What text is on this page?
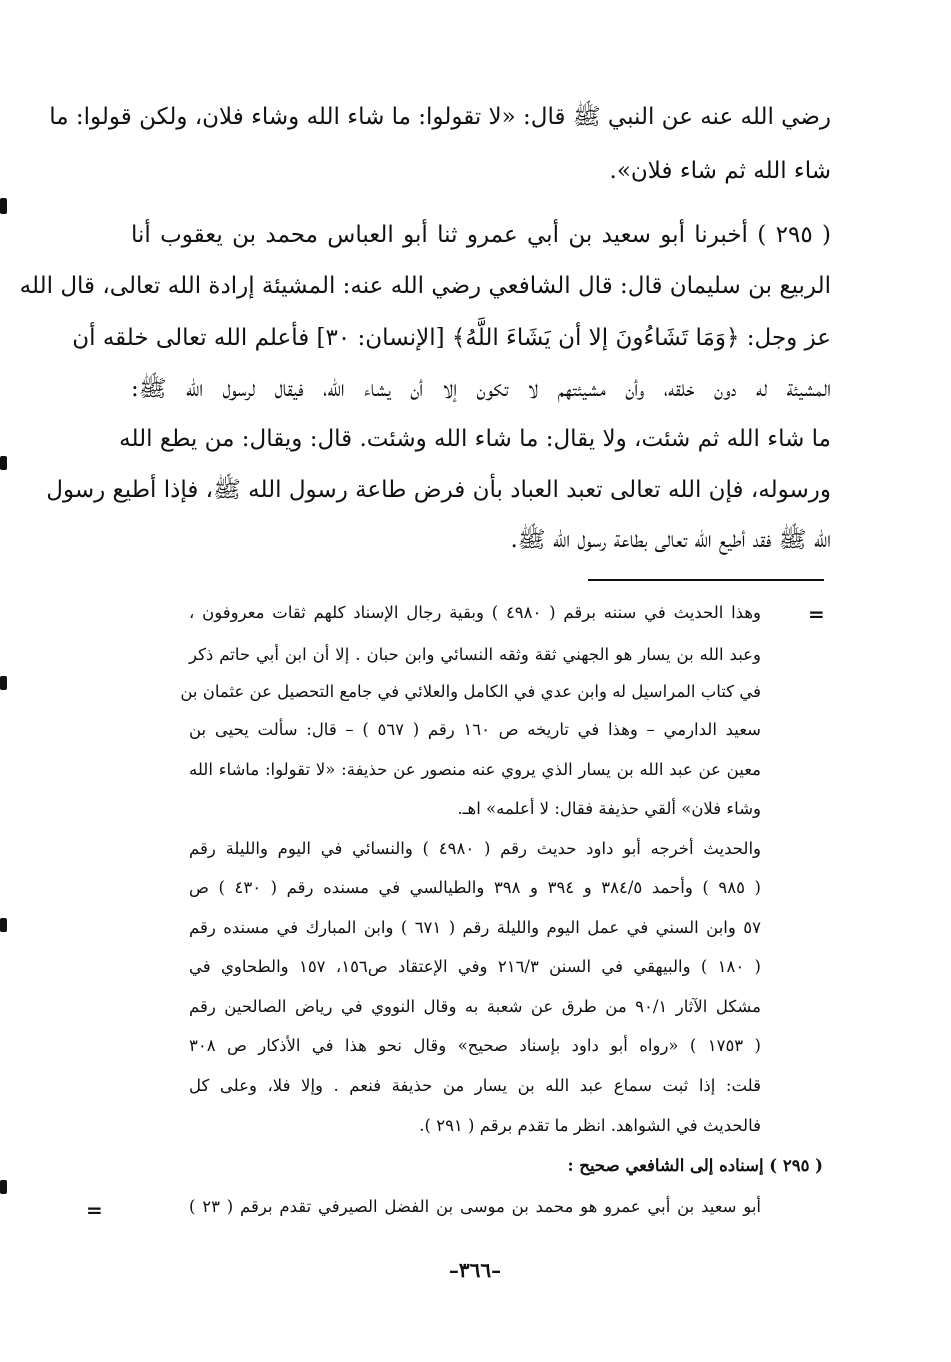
رضي الله عنه عن النبي ﷺ قال: «لا تقولوا: ما شاء الله وشاء فلان، ولكن قولوا: ما
شاء الله ثم شاء فلان».
( ٢٩٥ ) أخبرنا أبو سعيد بن أبي عمرو ثنا أبو العباس محمد بن يعقوب أنا
الربيع بن سليمان قال: قال الشافعي رضي الله عنه: المشيئة إرادة الله تعالى، قال الله
عز وجل: ﴿وَمَا تَشَاءُونَ إلا أن يَشَاءَ اللَّهُ﴾ [الإنسان: ٣٠] فأعلم الله تعالى خلقه أن
المشيئة له دون خلقه، وأن مشيئتهم لا تكون إلا أن يشاء الله، فيقال لرسول الله ﷺ:
ما شاء الله ثم شئت، ولا يقال: ما شاء الله وشئت. قال: ويقال: من يطع الله
ورسوله، فإن الله تعالى تعبد العباد بأن فرض طاعة رسول الله ﷺ، فإذا أطيع رسول
الله ﷺ فقد أطيع الله تعالى بطاعة رسول الله ﷺ.
=
وهذا الحديث في سننه برقم ( ٤٩٨٠ ) وبقية رجال الإسناد كلهم ثقات معروفون ،
وعبد الله بن يسار هو الجهني ثقة وثقه النسائي وابن حبان . إلا أن ابن أبي حاتم ذكر
في كتاب المراسيل له وابن عدي في الكامل والعلائي في جامع التحصيل عن عثمان بن
سعيد الدارمي – وهذا في تاريخه ص ١٦٠ رقم ( ٥٦٧ ) – قال: سألت يحيى بن
معين عن عبد الله بن يسار الذي يروي عنه منصور عن حذيفة: «لا تقولوا: ماشاء الله
وشاء فلان» ألقي حذيفة فقال: لا أعلمه» اهـ.
والحديث أخرجه أبو داود حديث رقم ( ٤٩٨٠ ) والنسائي في اليوم والليلة رقم
( ٩٨٥ ) وأحمد ٣٨٤/٥ و ٣٩٤ و ٣٩٨ والطيالسي في مسنده رقم ( ٤٣٠ ) ص
٥٧ وابن السني في عمل اليوم والليلة رقم ( ٦٧١ ) وابن المبارك في مسنده رقم
( ١٨٠ ) والبيهقي في السنن ٢١٦/٣ وفي الإعتقاد ص١٥٦، ١٥٧ والطحاوي في
مشكل الآثار ٩٠/١ من طرق عن شعبة به وقال النووي في رياض الصالحين رقم
( ١٧٥٣ ) «رواه أبو داود بإسناد صحيح» وقال نحو هذا في الأذكار ص ٣٠٨
قلت: إذا ثبت سماع عبد الله بن يسار من حذيفة فنعم . وإلا فلا، وعلى كل
فالحديث في الشواهد. انظر ما تقدم برقم ( ٢٩١ ).
( ٢٩٥ ) إسناده إلى الشافعي صحيح :
أبو سعيد بن أبي عمرو هو محمد بن موسى بن الفضل الصيرفي تقدم برقم ( ٢٣ )
=
–٣٦٦–
